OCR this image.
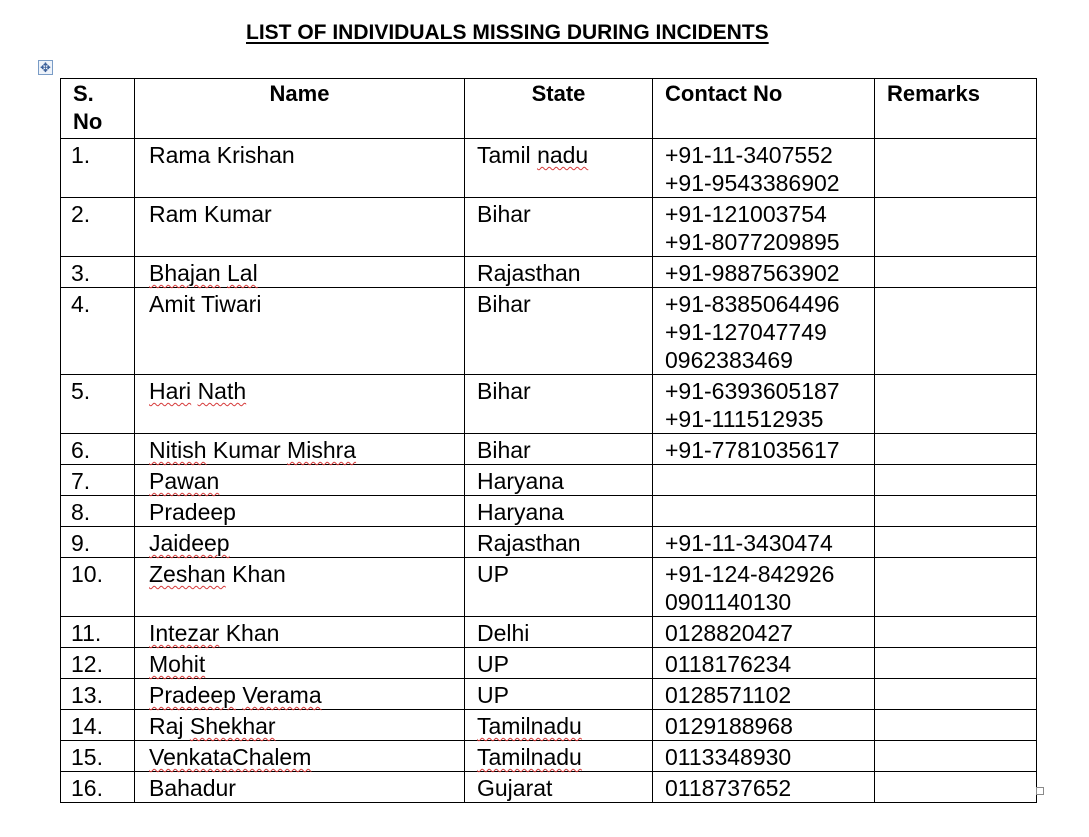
LIST OF INDIVIDUALS MISSING DURING INCIDENTS
✥
S.
No	Name	State	Contact No	Remarks
1.	Rama Krishan	Tamil nadu	+91-11-3407552
+91-9543386902	

2.	Ram Kumar	Bihar	+91-121003754
+91-8077209895	

3.	Bhajan Lal	Rajasthan	+91-9887563902	

4.	Amit Tiwari	Bihar	+91-8385064496
+91-127047749
0962383469	

5.	Hari Nath	Bihar	+91-6393605187
+91-111512935	

6.	Nitish Kumar Mishra	Bihar	+91-7781035617	

7.	Pawan	Haryana		
8.	Pradeep	Haryana		
9.	Jaideep	Rajasthan	+91-11-3430474	

10.	Zeshan Khan	UP	+91-124-842926
0901140130	

11.	Intezar Khan	Delhi	0128820427	

12.	Mohit	UP	0118176234	

13.	Pradeep Verama	UP	0128571102	

14.	Raj Shekhar	Tamilnadu	0129188968	

15.	VenkataChalem	Tamilnadu	0113348930	

16.	Bahadur	Gujarat	0118737652	
